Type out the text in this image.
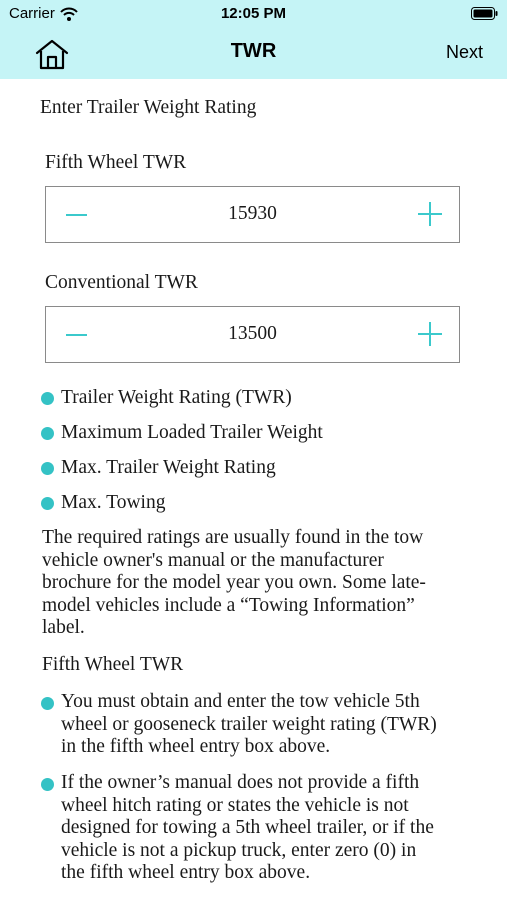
Carrier	12:05 PM
TWR	Next
Enter Trailer Weight Rating
Fifth Wheel TWR
15930
Conventional TWR
13500
Trailer Weight Rating (TWR)
Maximum Loaded Trailer Weight
Max. Trailer Weight Rating
Max. Towing
The required ratings are usually found in the tow
vehicle owner's manual or the manufacturer
brochure for the model year you own. Some late-
model vehicles include a “Towing Information”
label.
Fifth Wheel TWR
You must obtain and enter the tow vehicle 5th
wheel or gooseneck trailer weight rating (TWR)
in the fifth wheel entry box above.
If the owner’s manual does not provide a fifth
wheel hitch rating or states the vehicle is not
designed for towing a 5th wheel trailer, or if the
vehicle is not a pickup truck, enter zero (0) in
the fifth wheel entry box above.
